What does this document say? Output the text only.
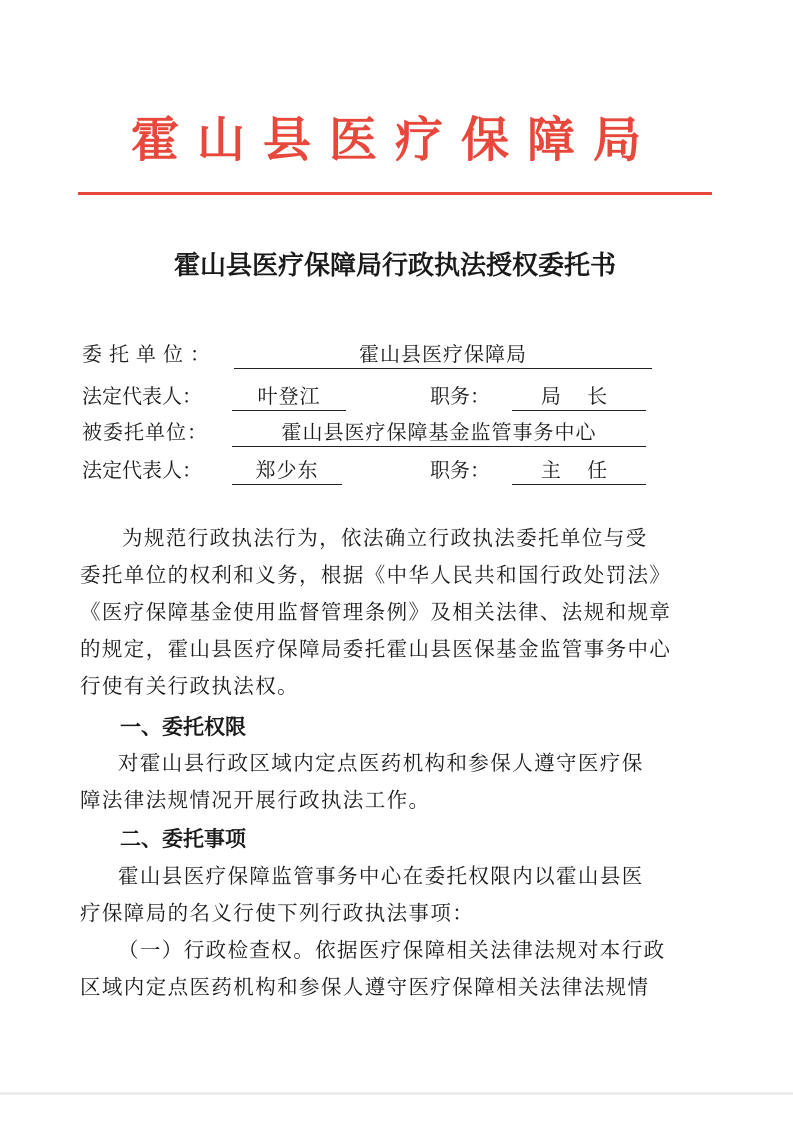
霍山县医疗保障局
霍山县医疗保障局行政执法授权委托书
委托单位：	霍山县医疗保障局
法定代表人：	叶登江	职务：	局 长
被委托单位：	霍山县医疗保障基金监管事务中心
法定代表人：	郑少东	职务：	主 任
为规范行政执法行为，依法确立行政执法委托单位与受
委托单位的权利和义务，根据《中华人民共和国行政处罚法》
《医疗保障基金使用监督管理条例》及相关法律、法规和规章
的规定，霍山县医疗保障局委托霍山县医保基金监管事务中心
行使有关行政执法权。
一、委托权限
对霍山县行政区域内定点医药机构和参保人遵守医疗保
障法律法规情况开展行政执法工作。
二、委托事项
霍山县医疗保障监管事务中心在委托权限内以霍山县医
疗保障局的名义行使下列行政执法事项：
（一）行政检查权。依据医疗保障相关法律法规对本行政
区域内定点医药机构和参保人遵守医疗保障相关法律法规情
